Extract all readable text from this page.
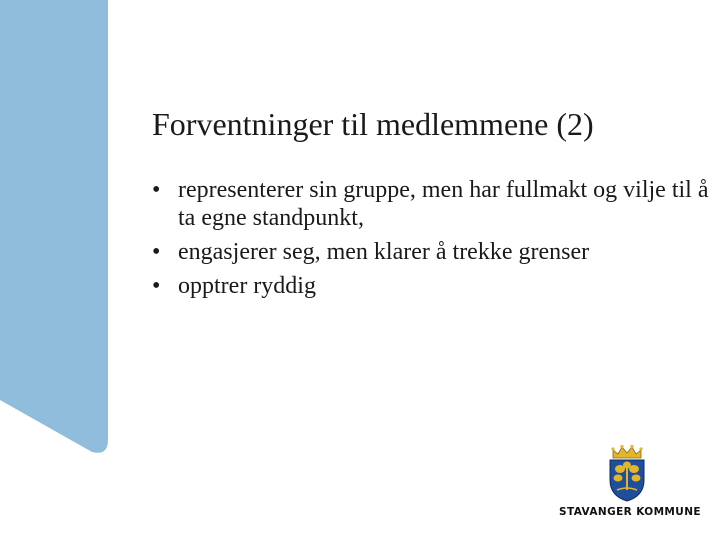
Forventninger til medlemmene (2)
• representerer sin gruppe, men har fullmakt og vilje til å ta egne standpunkt,
• engasjerer seg, men klarer å trekke grenser
• opptrer ryddig
STAVANGER KOMMUNE
